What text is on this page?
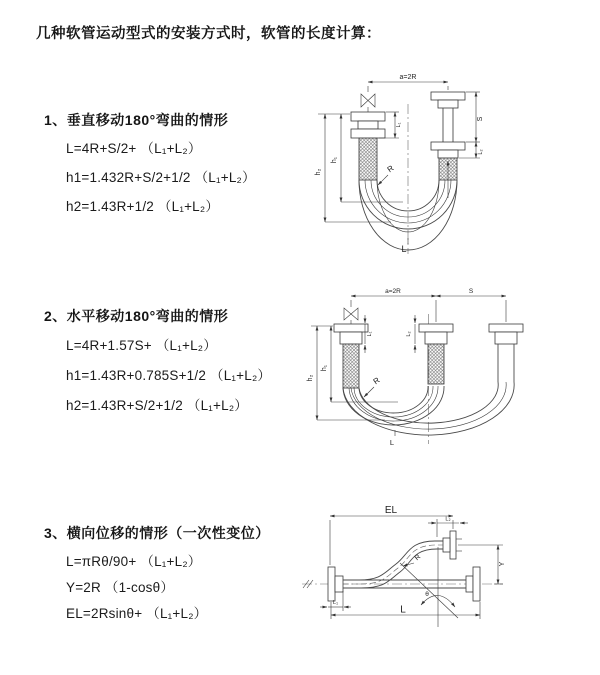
几种软管运动型式的安装方式时，软管的长度计算：
1、垂直移动180°弯曲的情形
L=4R+S/2+ （L₁+L₂）
h1=1.432R+S/2+1/2 （L₁+L₂）
h2=1.43R+1/2 （L₁+L₂）
2、水平移动180°弯曲的情形
L=4R+1.57S+ （L₁+L₂）
h1=1.43R+0.785S+1/2 （L₁+L₂）
h2=1.43R+S/2+1/2 （L₁+L₂）
3、横向位移的情形（一次性变位）
L=πRθ/90+ （L₁+L₂）
Y=2R （1-cosθ）
EL=2Rsinθ+ （L₁+L₂）
a=2R
S
L₂
L₁
h₁
h₂	R
L
a=2R	S
L₁	L₂
h₁
h₂	R
L
EL
L₂
θ
R
Y
L
L₁
